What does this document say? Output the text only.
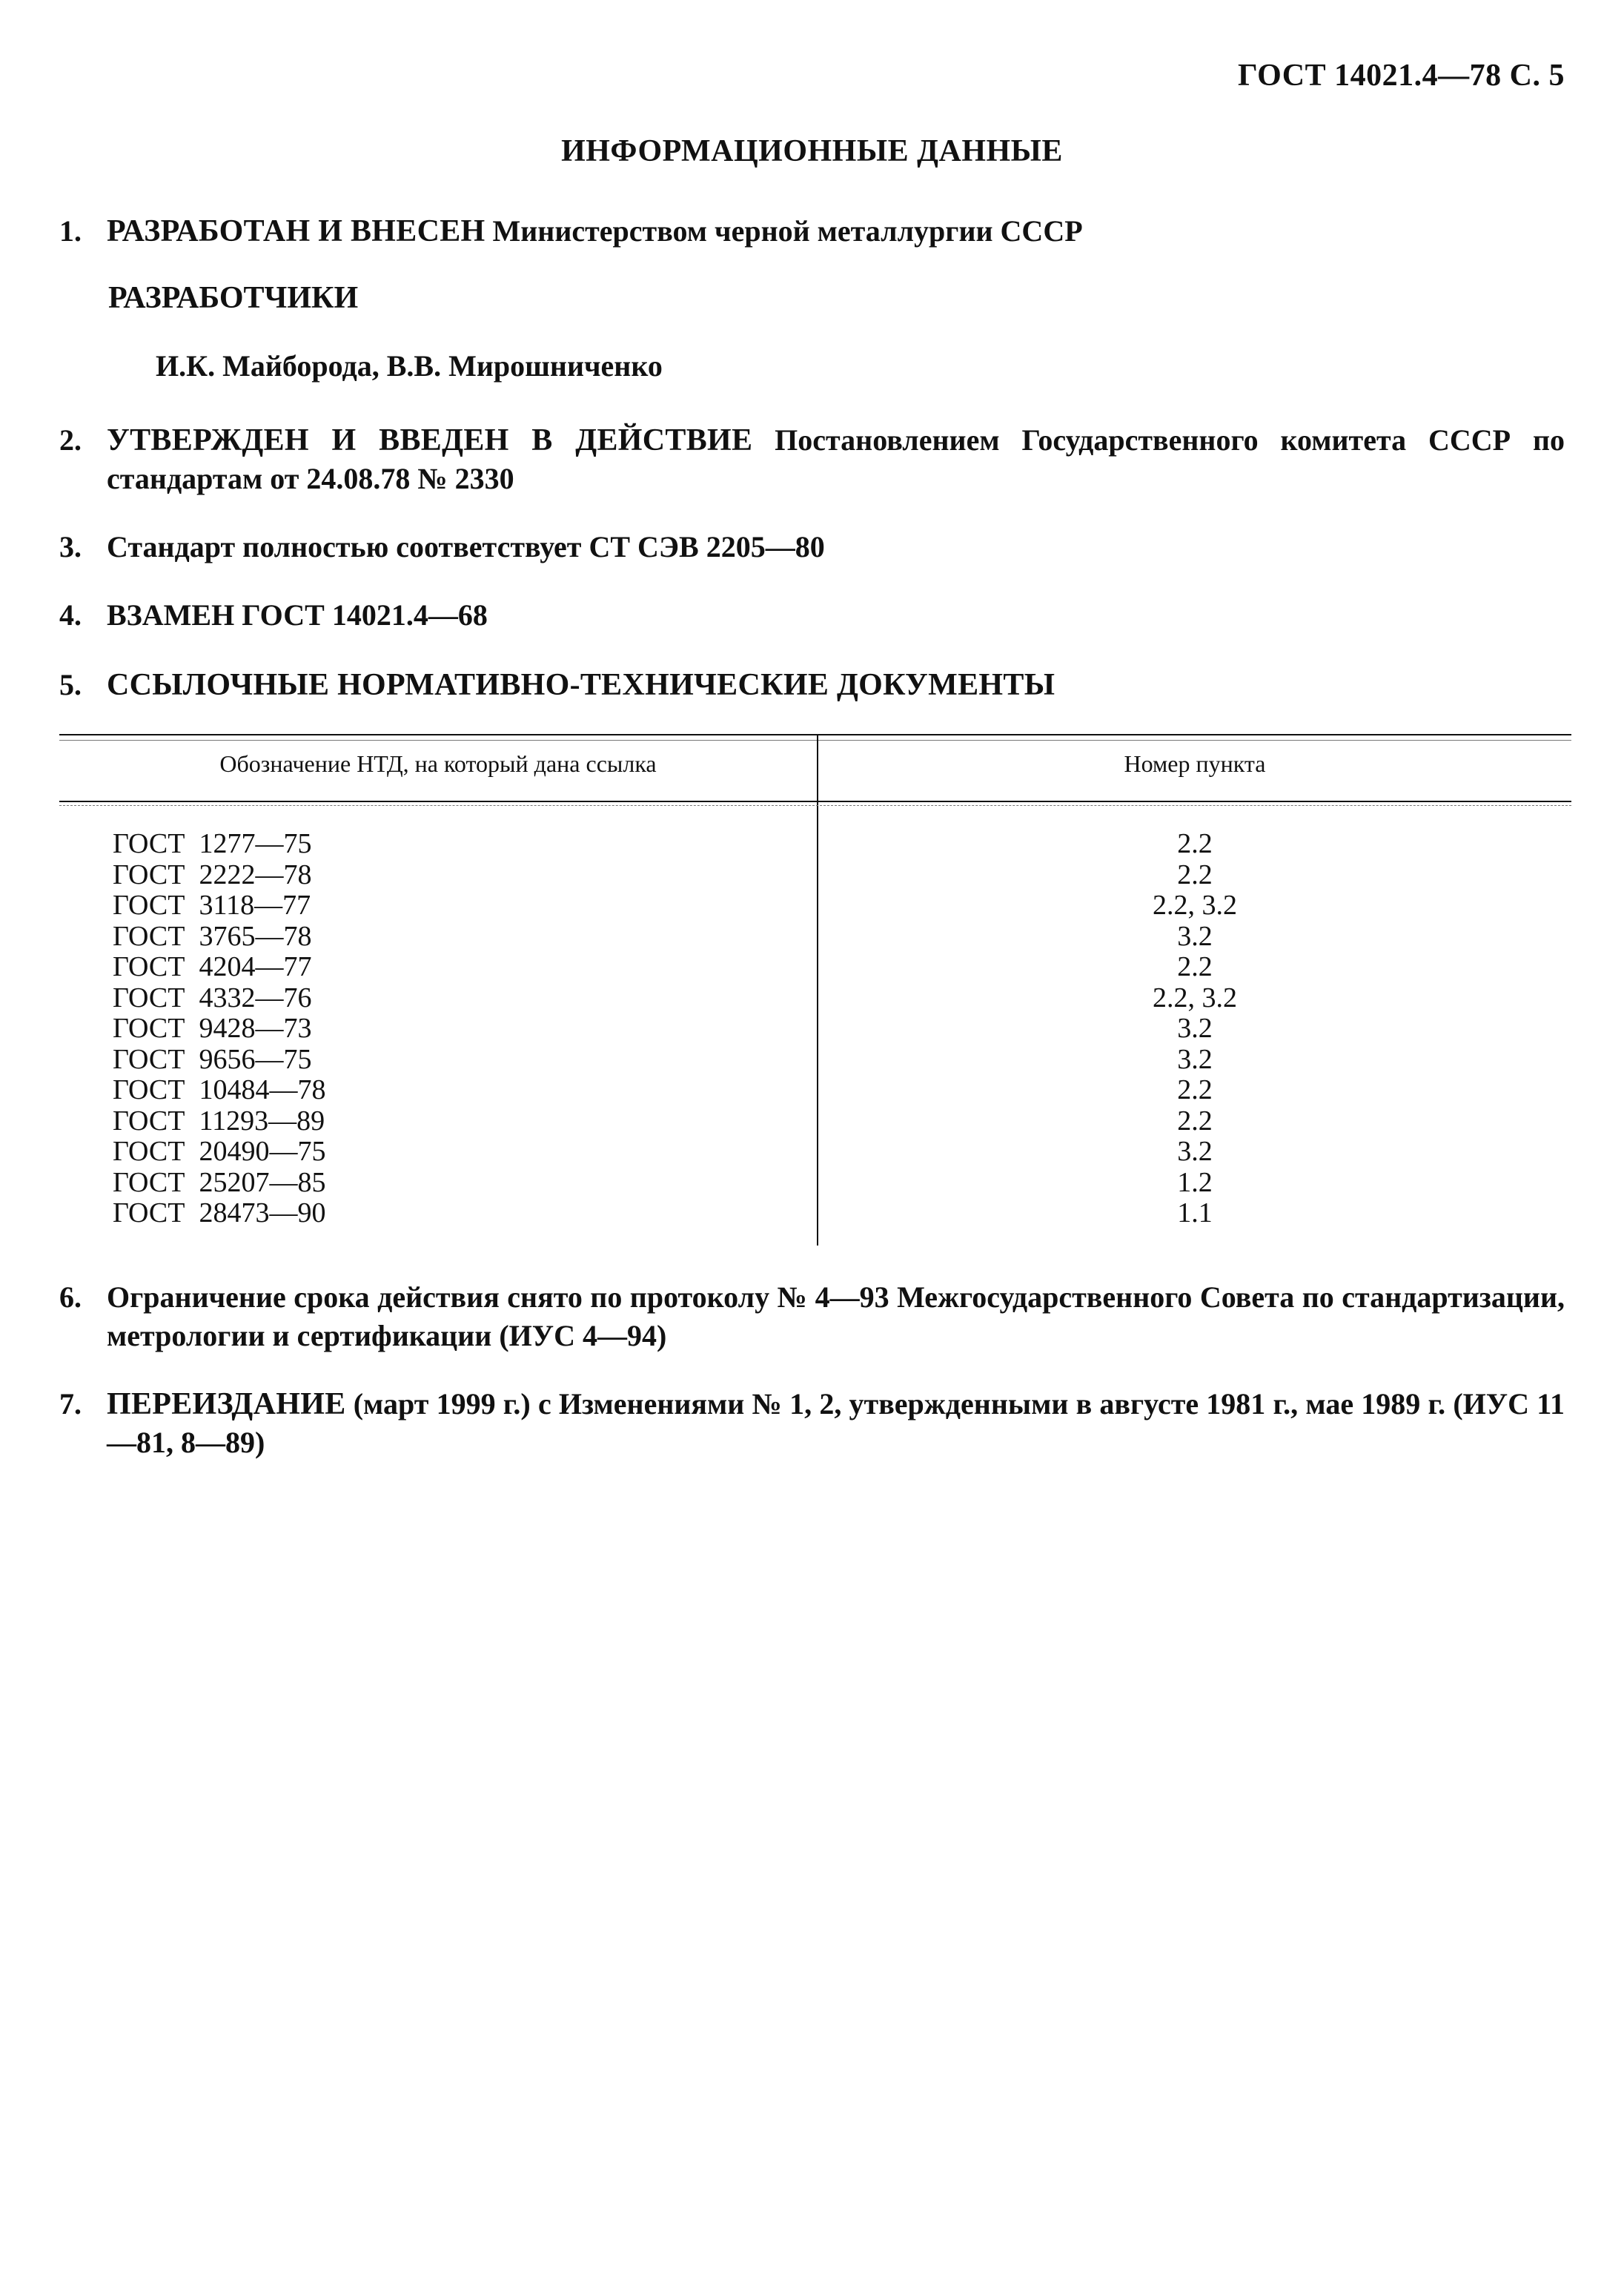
ГОСТ 14021.4—78 С. 5
ИНФОРМАЦИОННЫЕ ДАННЫЕ
1. РАЗРАБОТАН И ВНЕСЕН Министерством черной металлургии СССР
РАЗРАБОТЧИКИ
И.К. Майборода, В.В. Мирошниченко
2. УТВЕРЖДЕН И ВВЕДЕН В ДЕЙСТВИЕ Постановлением Государственного комитета СССР по стандартам от 24.08.78 № 2330
3. Стандарт полностью соответствует СТ СЭВ 2205—80
4. ВЗАМЕН ГОСТ 14021.4—68
5. ССЫЛОЧНЫЕ НОРМАТИВНО-ТЕХНИЧЕСКИЕ ДОКУМЕНТЫ
Обозначение НТД, на который дана ссылка	Номер пункта
ГОСТ  1277—75	2.2
ГОСТ  2222—78	2.2
ГОСТ  3118—77	2.2, 3.2
ГОСТ  3765—78	3.2
ГОСТ  4204—77	2.2
ГОСТ  4332—76	2.2, 3.2
ГОСТ  9428—73	3.2
ГОСТ  9656—75	3.2
ГОСТ  10484—78	2.2
ГОСТ  11293—89	2.2
ГОСТ  20490—75	3.2
ГОСТ  25207—85	1.2
ГОСТ  28473—90	1.1
6. Ограничение срока действия снято по протоколу № 4—93 Межгосударственного Совета по стандартизации, метрологии и сертификации (ИУС 4—94)
7. ПЕРЕИЗДАНИЕ (март 1999 г.) с Изменениями № 1, 2, утвержденными в августе 1981 г., мае 1989 г. (ИУС 11—81, 8—89)
